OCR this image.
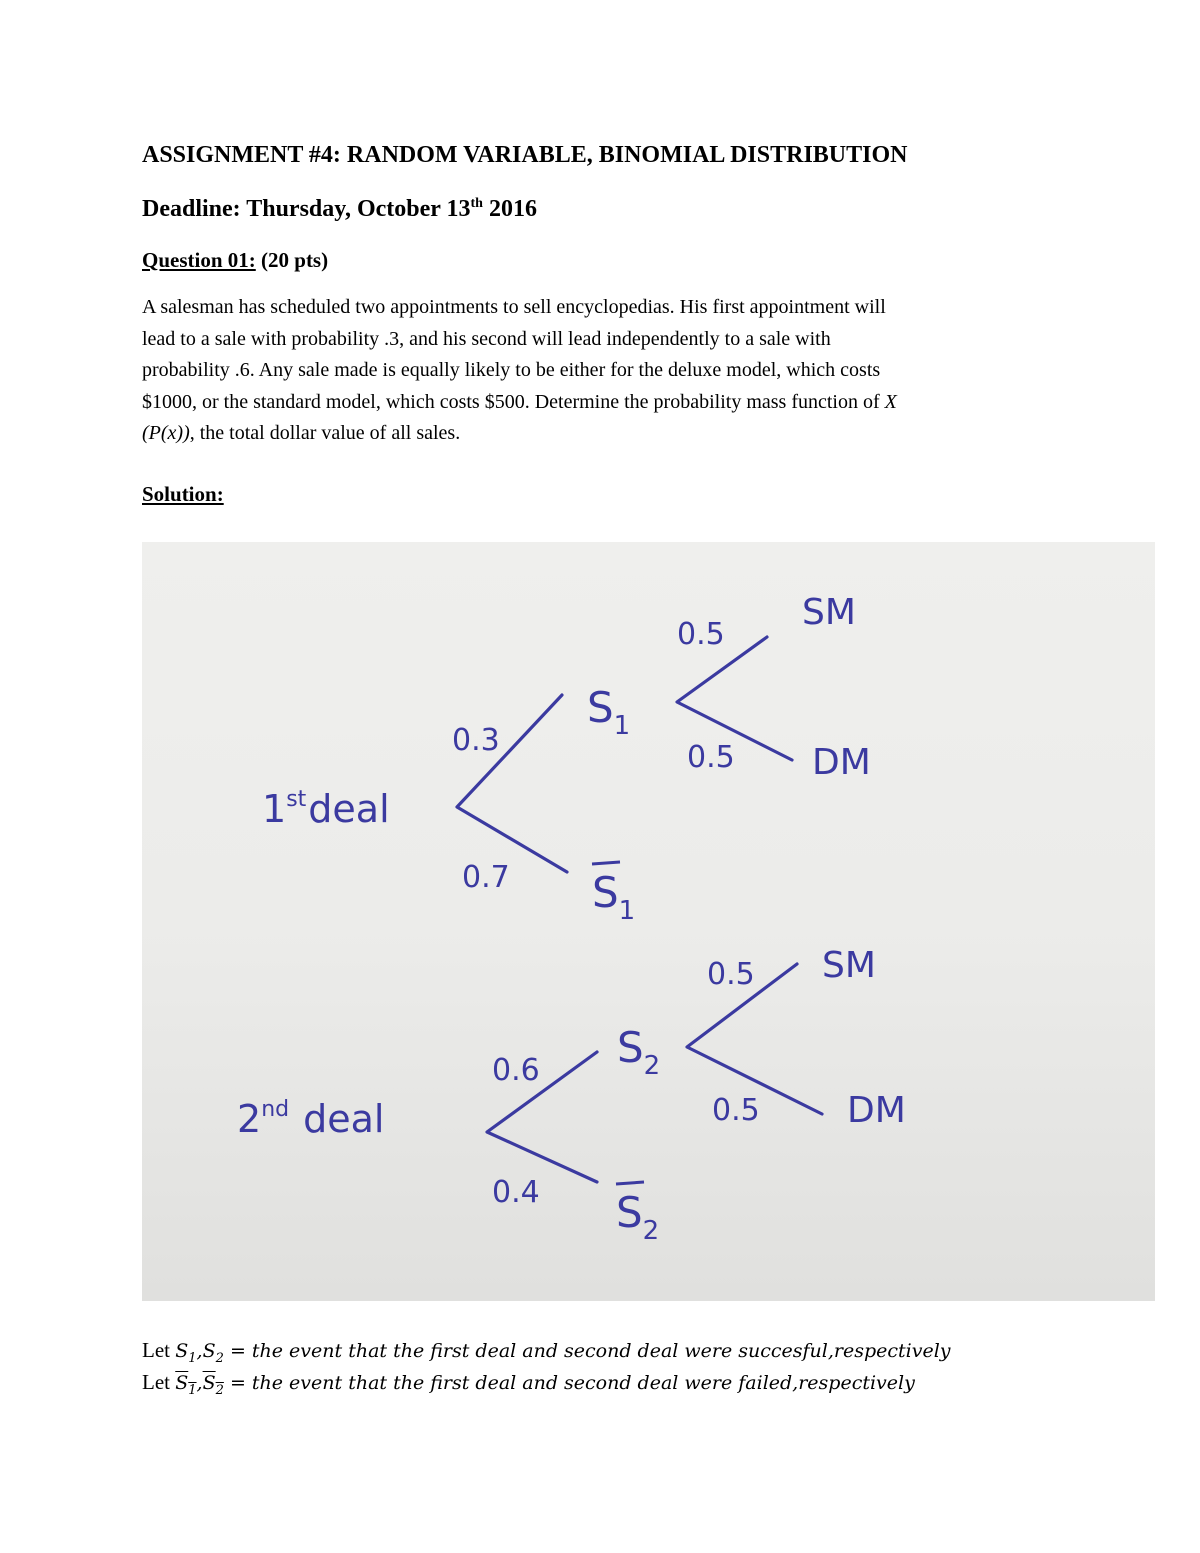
ASSIGNMENT #4: RANDOM VARIABLE, BINOMIAL DISTRIBUTION
Deadline: Thursday, October 13th 2016
Question 01: (20 pts)
A salesman has scheduled two appointments to sell encyclopedias. His first appointment will
lead to a sale with probability .3, and his second will lead independently to a sale with
probability .6. Any sale made is equally likely to be either for the deluxe model, which costs
$1000, or the standard model, which costs $500. Determine the probability mass function of X
(P(x)), the total dollar value of all sales.
Solution:
1stdeal
0.3
0.7
$S_1$
$S_1$
0.5
0.5
SM
DM
2nd deal
0.6
0.4
$S_2$
$S_2$
0.5
0.5
SM
DM
Let $S_1,S_2$ = the event that the first deal and second deal were succesful,respectively
Let $S_1,S_2$ = the event that the first deal and second deal were failed,respectively
